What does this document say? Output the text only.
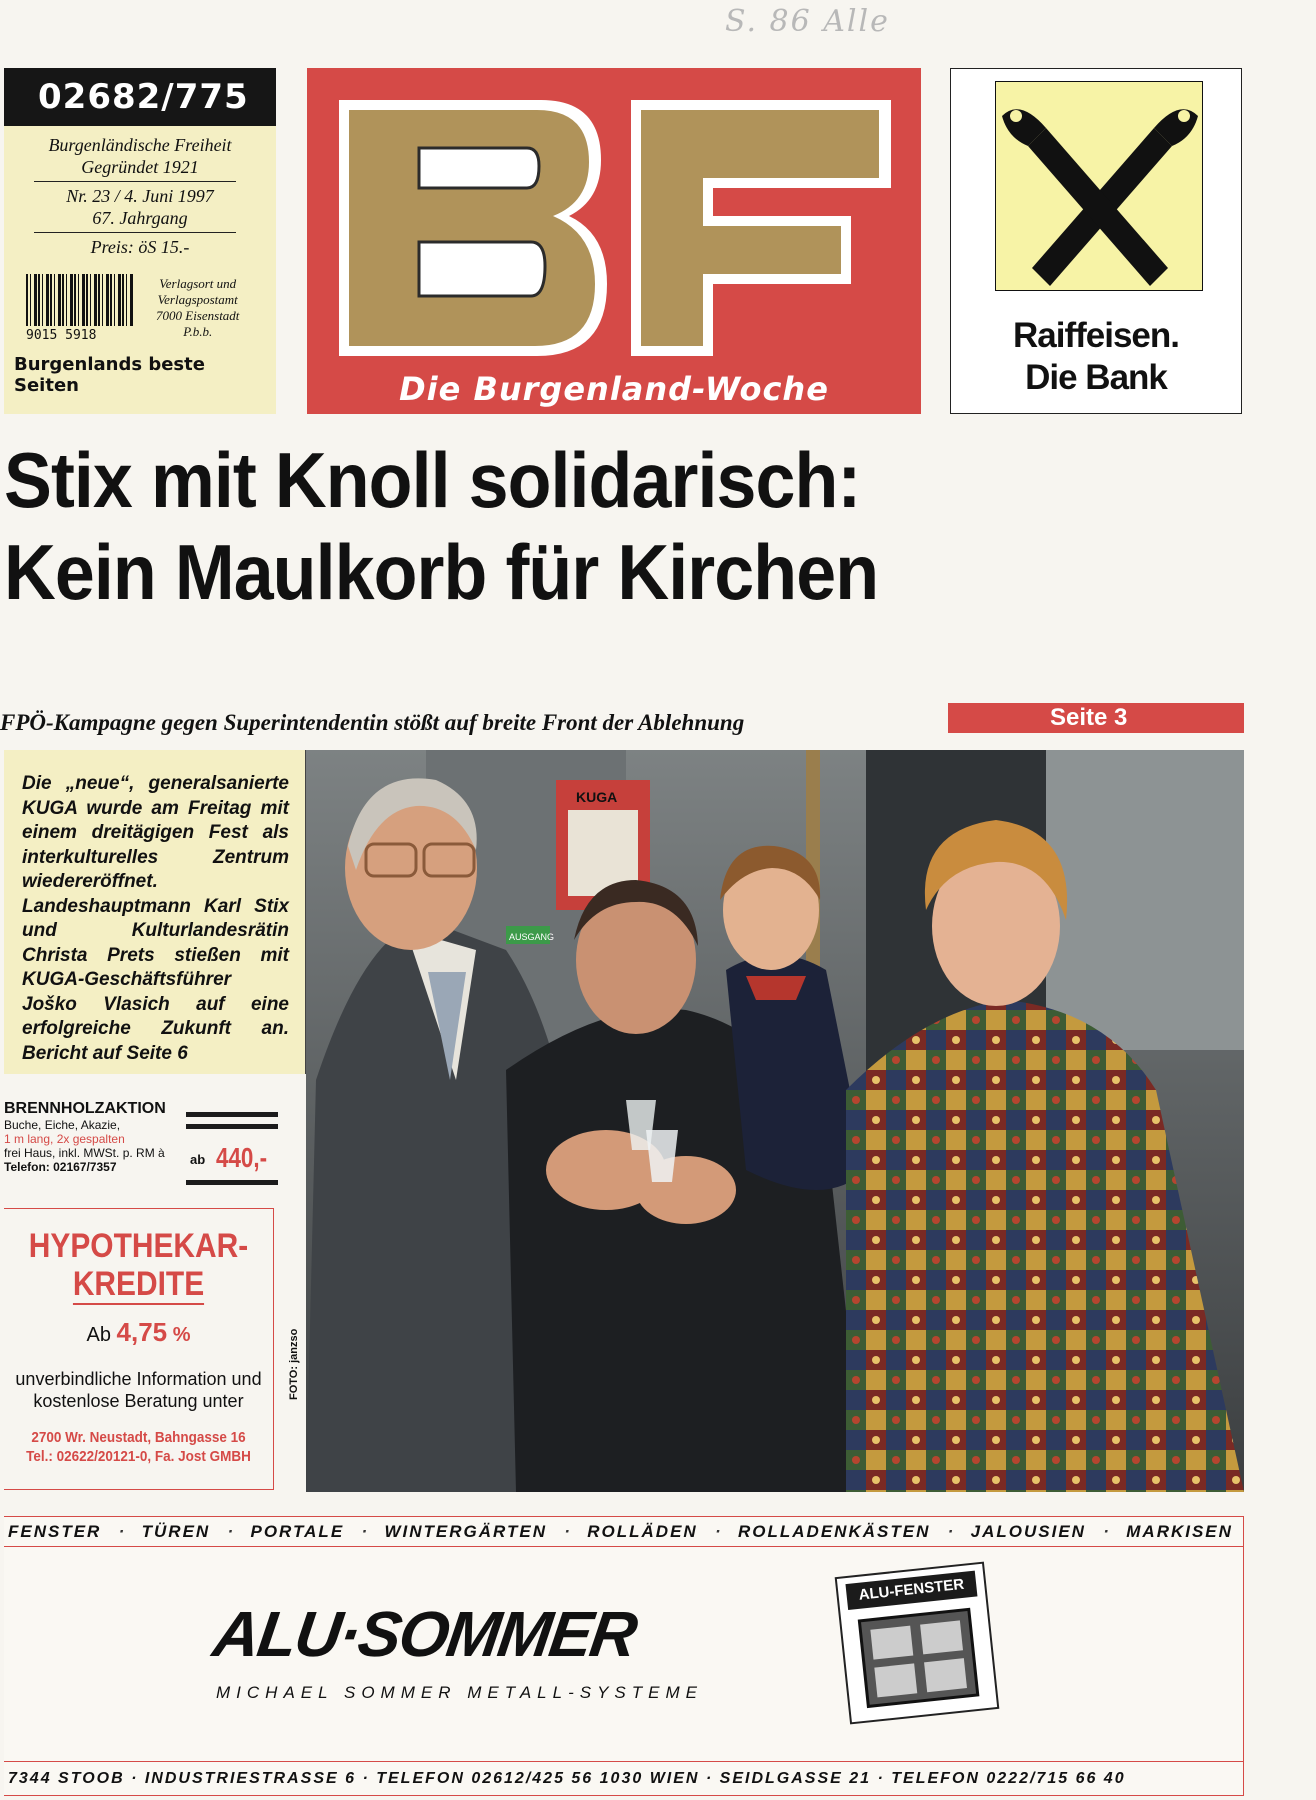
S. 86 Alle
02682/775
Burgenländische Freiheit
Gegründet 1921
Nr. 23 / 4. Juni 1997
67. Jahrgang
Preis: öS 15.-
9015 5918
Verlagsort und
Verlagspostamt
7000 Eisenstadt
P.b.b.
Burgenlands beste Seiten
BF
Die Burgenland-Woche
Raiffeisen.
Die Bank
Stix mit Knoll solidarisch:
Kein Maulkorb für Kirchen
FPÖ-Kampagne gegen Superintendentin stößt auf breite Front der Ablehnung	Seite 3

Die „neue“, generalsanierte KUGA wurde am Freitag mit einem dreitägigen Fest als interkulturelles Zentrum wiedereröffnet. Landeshauptmann Karl Stix und Kulturlandesrätin Christa Prets stießen mit KUGA-Geschäftsführer Joško Vlasich auf eine erfolgreiche Zukunft an. Bericht auf Seite 6

BRENNHOLZAKTION
Buche, Eiche, Akazie,
1 m lang, 2x gespalten
frei Haus, inkl. MWSt. p. RM à
Telefon: 02167/7357	ab 440,-
HYPOTHEKAR-
KREDITE
Ab 4,75 %
unverbindliche Information und
kostenlose Beratung unter
2700 Wr. Neustadt, Bahngasse 16
Tel.: 02622/20121-0, Fa. Jost GMBH
KUGA
AUSGANG
FOTO: janzso
FENSTER · TÜREN · PORTALE · WINTERGÄRTEN · ROLLÄDEN · ROLLADENKÄSTEN · JALOUSIEN · MARKISEN
ALU·SOMMER
MICHAEL SOMMER METALL-SYSTEME
ALU-FENSTER
7344 STOOB · INDUSTRIESTRASSE 6 · TELEFON 02612/425 56 1030 WIEN · SEIDLGASSE 21 · TELEFON 0222/715 66 40
